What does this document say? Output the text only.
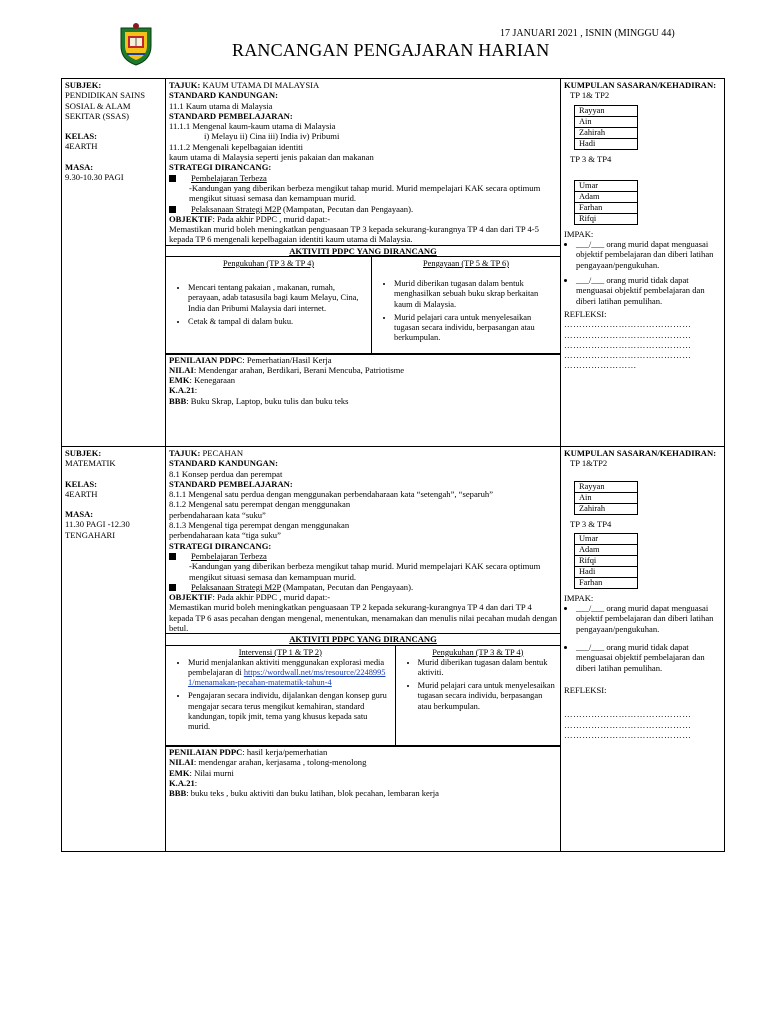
17 JANUARI 2021 , ISNIN (MINGGU 44)
RANCANGAN PENGAJARAN HARIAN
SUBJEK:
PENDIDIKAN SAINS SOSIAL & ALAM SEKITAR (SSAS)
KELAS:
4EARTH
MASA:
9.30-10.30 PAGI

TAJUK: KAUM UTAMA DI MALAYSIA
STANDARD KANDUNGAN:
11.1 Kaum utama di Malaysia
STANDARD PEMBELAJARAN:
11.1.1 Mengenal kaum-kaum utama di Malaysia
i) Melayu ii) Cina iii) India iv) Pribumi
11.1.2 Mengenali kepelbagaian identiti
kaum utama di Malaysia seperti jenis pakaian dan makanan
STRATEGI DIRANCANG:
Pembelajaran Terbeza
-Kandungan yang diberikan berbeza mengikut tahap murid. Murid mempelajari KAK secara optimum mengikut situasi semasa dan kemampuan murid.
Pelaksanaan Strategi M2P (Mampatan, Pecutan dan Pengayaan).
OBJEKTIF: Pada akhir PDPC , murid dapat:-
Memastikan murid boleh meningkatkan penguasaan TP 3 kepada sekurang-kurangnya TP 4 dan dari TP 4-5 kepada TP 6 mengenali kepelbagaian identiti kaum utama di Malaysia.
AKTIVITI PDPC YANG DIRANCANG
Pengukuhan (TP 3 & TP 4)
• Mencari tentang pakaian , makanan, rumah, perayaan, adab tatasusila bagi kaum Melayu, Cina, India dan Pribumi Malaysia dari internet.
• Cetak & tampal di dalam buku.

Pengayaan (TP 5 & TP 6)
• Murid diberikan tugasan dalam bentuk menghasilkan sebuah buku skrap berkaitan kaum di Malaysia.
• Murid pelajari cara untuk menyelesaikan tugasan secara individu, berpasangan atau berkumpulan.
PENILAIAN PDPC: Pemerhatian/Hasil Kerja
NILAI: Mendengar arahan, Berdikari, Berani Mencuba, Patriotisme
EMK: Kenegaraan
K.A.21:
BBB: Buku Skrap, Laptop, buku tulis dan buku teks

KUMPULAN SASARAN/KEHADIRAN:
TP 1& TP2
Rayyan
Ain
Zahirah
Hadi
TP 3 & TP4
Umar
Adam
Farhan
Rifqi
IMPAK:
• ___/___ orang murid dapat menguasai objektif pembelajaran dan diberi latihan pengayaan/pengukuhan.
• ___/___ orang murid tidak dapat menguasai objektif pembelajaran dan diberi latihan pemulihan.
REFLEKSI:
……………………………………
……………………………………
……………………………………
……………………………………
……………………

SUBJEK:
MATEMATIK
KELAS:
4EARTH
MASA:
11.30 PAGI -12.30 TENGAHARI

TAJUK: PECAHAN
STANDARD KANDUNGAN:
8.1 Konsep perdua dan perempat
STANDARD PEMBELAJARAN:
8.1.1 Mengenal satu perdua dengan menggunakan perbendaharaan kata “setengah”, “separuh”
8.1.2 Mengenal satu perempat dengan menggunakan
perbendaharaan kata “suku”
8.1.3 Mengenal tiga perempat dengan menggunakan
perbendaharaan kata “tiga suku”
STRATEGI DIRANCANG:
Pembelajaran Terbeza
-Kandungan yang diberikan berbeza mengikut tahap murid. Murid mempelajari KAK secara optimum mengikut situasi semasa dan kemampuan murid.
Pelaksanaan Strategi M2P (Mampatan, Pecutan dan Pengayaan).
OBJEKTIF: Pada akhir PDPC , murid dapat:-
Memastikan murid boleh meningkatkan penguasaan TP 2 kepada sekurang-kurangnya TP 4 dan dari TP 4 kepada TP 6 asas pecahan dengan mengenal, menentukan, menamakan dan menulis nilai pecahan mudah dengan betul.
AKTIVITI PDPC YANG DIRANCANG
Intervensi (TP 1 & TP 2)
• Murid menjalankan aktiviti menggunakan explorasi media pembelajaran di https://wordwall.net/ms/resource/22489951/menamakan-pecahan-matematik-tahun-4
• Pengajaran secara individu, dijalankan dengan konsep guru mengajar secara terus mengikut kemahiran, standard kandungan, topik jmit, tema yang khusus kepada satu murid.

Pengukuhan (TP 3 & TP 4)
• Murid diberikan tugasan dalam bentuk aktiviti.
• Murid pelajari cara untuk menyelesaikan tugasan secara individu, berpasangan atau berkumpulan.
PENILAIAN PDPC: hasil kerja/pemerhatian
NILAI: mendengar arahan, kerjasama , tolong-menolong
EMK: Nilai murni
K.A.21:
BBB: buku teks , buku aktiviti dan buku latihan, blok pecahan, lembaran kerja

KUMPULAN SASARAN/KEHADIRAN:
TP 1&TP2
Rayyan
Ain
Zahirah
TP 3 & TP4
Umar
Adam
Rifqi
Hadi
Farhan
IMPAK:
• ___/___ orang murid dapat menguasai objektif pembelajaran dan diberi latihan pengayaan/pengukuhan.
• ___/___ orang murid tidak dapat menguasai objektif pembelajaran dan diberi latihan pemulihan.
REFLEKSI:
……………………………………
……………………………………
……………………………………
